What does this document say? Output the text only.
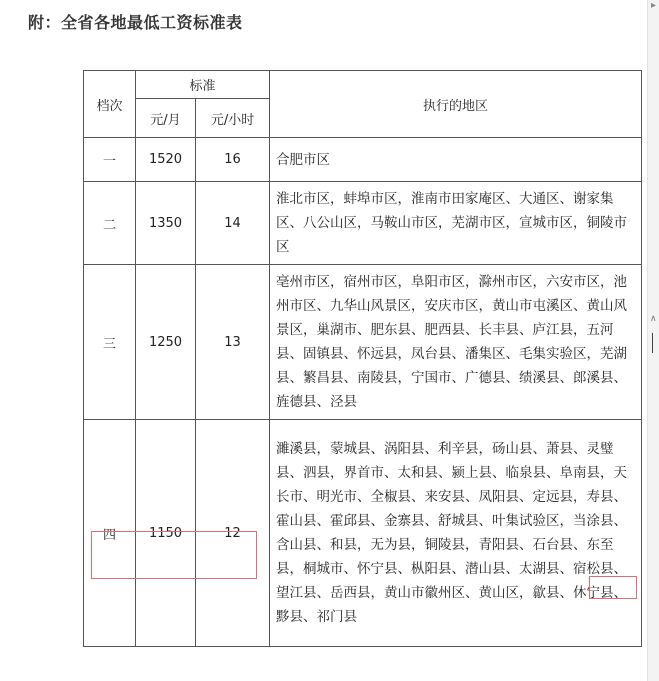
附：全省各地最低工资标准表
档次	标准		执行的地区
	元/月	元/小时	
一	1520	16	合肥市区
二	1350	14	淮北市区，蚌埠市区，淮南市田家庵区、大通区、谢家集区、八公山区，马鞍山市区，芜湖市区，宣城市区，铜陵市区
三	1250	13	亳州市区，宿州市区，阜阳市区，滁州市区，六安市区，池州市区、九华山风景区，安庆市区，黄山市屯溪区、黄山风景区，巢湖市、肥东县、肥西县、长丰县、庐江县，五河县、固镇县、怀远县，凤台县、潘集区、毛集实验区，芜湖县、繁昌县、南陵县，宁国市、广德县、绩溪县、郎溪县、旌德县、泾县
四	1150	12	濉溪县，蒙城县、涡阳县、利辛县，砀山县、萧县、灵璧县、泗县，界首市、太和县、颍上县、临泉县、阜南县，天长市、明光市、全椒县、来安县、凤阳县、定远县，寿县、霍山县、霍邱县、金寨县、舒城县、叶集试验区，当涂县、含山县、和县，无为县，铜陵县，青阳县、石台县、东至县，桐城市、怀宁县、枞阳县、潜山县、太湖县、宿松县、望江县、岳西县，黄山市徽州区、黄山区，歙县、休宁县、黟县、祁门县
▸
∧
